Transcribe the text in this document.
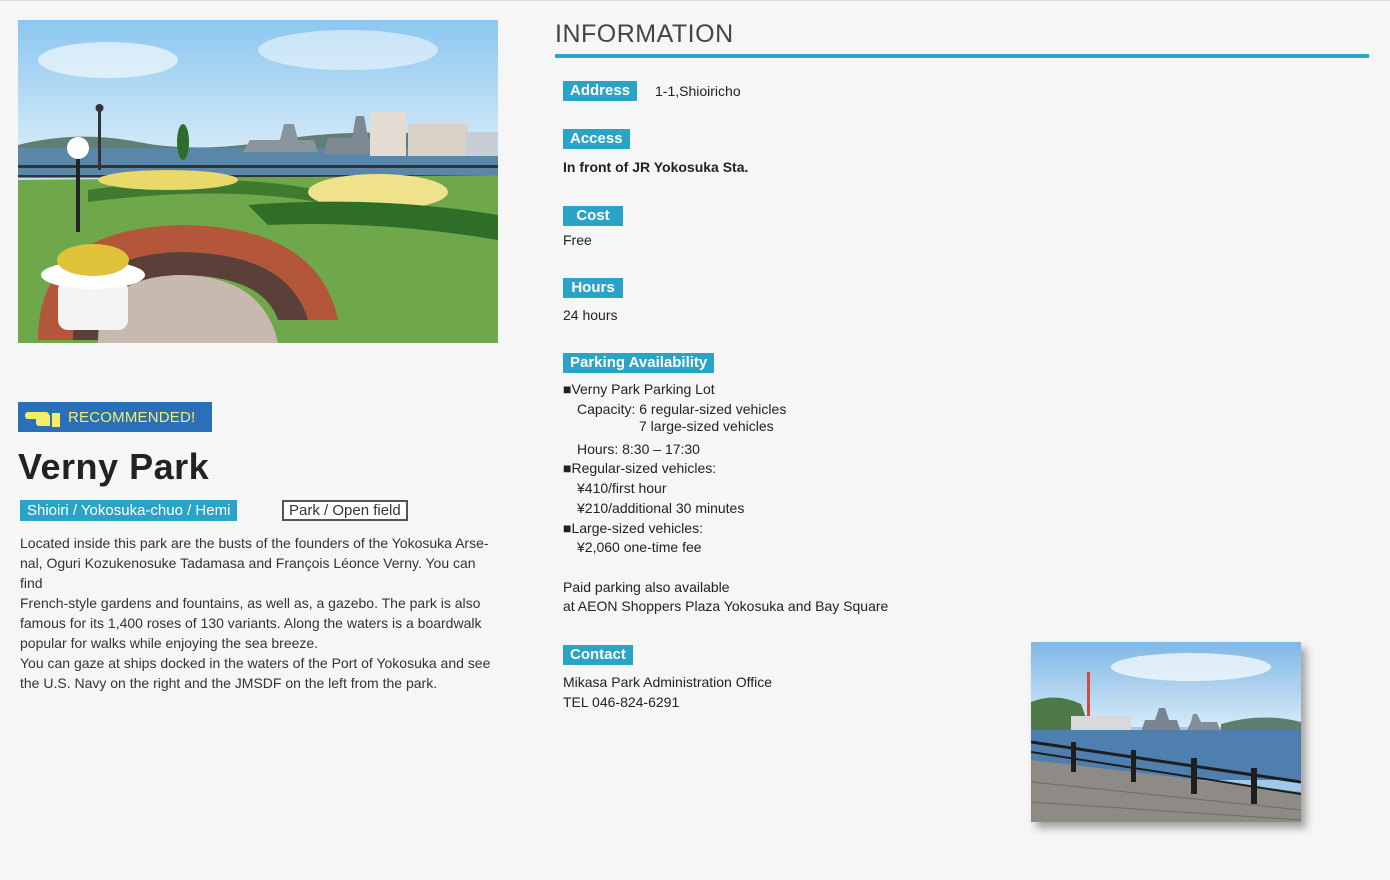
RECOMMENDED!
Verny Park
Shioiri / Yokosuka-chuo / Hemi	Park / Open field

Located inside this park are the busts of the founders of the Yokosuka Arse-

nal, Oguri Kozukenosuke Tadamasa and François Léonce Verny. You can find

French-style gardens and fountains, as well as, a gazebo. The park is also

famous for its 1,400 roses of 130 variants. Along the waters is a boardwalk

popular for walks while enjoying the sea breeze.

You can gaze at ships docked in the waters of the Port of Yokosuka and see

the U.S. Navy on the right and the JMSDF on the left from the park.

INFORMATION
Address	1-1,Shioiricho
Access
In front of JR Yokosuka Sta.
Cost
Free
Hours
24 hours
Parking Availability
■Verny Park Parking Lot
Capacity: 6 regular-sized vehicles
7 large-sized vehicles
Hours: 8:30 – 17:30
■Regular-sized vehicles:
¥410/first hour
¥210/additional 30 minutes
■Large-sized vehicles:
¥2,060 one-time fee
Paid parking also available
at AEON Shoppers Plaza Yokosuka and Bay Square
Contact
Mikasa Park Administration Office
TEL 046-824-6291
